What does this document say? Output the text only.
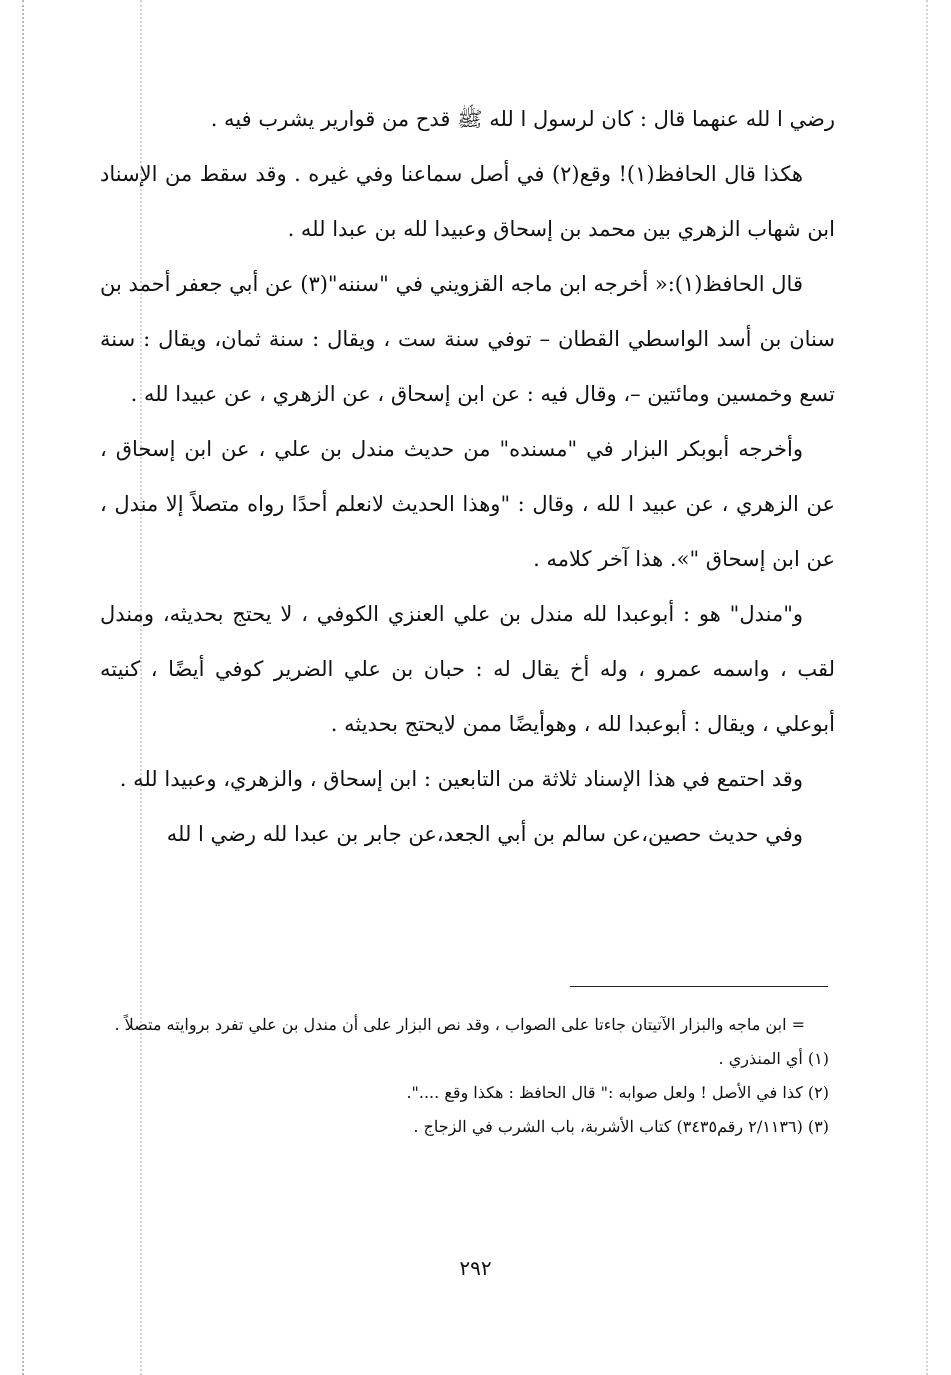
رضي ا لله عنهما قال : كان لرسول ا لله ﷺ قدح من قوارير يشرب فيه .

هكذا قال الحافظ(١)! وقع(٢) في أصل سماعنا وفي غيره . وقد سقط من الإسناد ابن شهاب الزهري بين محمد بن إسحاق وعبيدا لله بن عبدا لله .

قال الحافظ(١):« أخرجه ابن ماجه القزويني في "سننه"(٣) عن أبي جعفر أحمد بن سنان بن أسد الواسطي القطان – توفي سنة ست ، ويقال : سنة ثمان، ويقال : سنة تسع وخمسين ومائتين –، وقال فيه : عن ابن إسحاق ، عن الزهري ، عن عبيدا لله .

وأخرجه أبوبكر البزار في "مسنده" من حديث مندل بن علي ، عن ابن إسحاق ، عن الزهري ، عن عبيد ا لله ، وقال : "وهذا الحديث لانعلم أحدًا رواه متصلاً إلا مندل ، عن ابن إسحاق "». هذا آخر كلامه .

و"مندل" هو : أبوعبدا لله مندل بن علي العنزي الكوفي ، لا يحتج بحديثه، ومندل لقب ، واسمه عمرو ، وله أخ يقال له : حبان بن علي الضرير كوفي أيضًا ، كنيته أبوعلي ، ويقال : أبوعبدا لله ، وهوأيضًا ممن لايحتج بحديثه .

وقد احتمع في هذا الإسناد ثلاثة من التابعين : ابن إسحاق ، والزهري، وعبيدا لله .

وفي حديث حصين،عن سالم بن أبي الجعد،عن جابر بن عبدا لله رضي ا لله

= ابن ماجه والبزار الآتيتان جاءتا على الصواب ، وقد نص البزار على أن مندل بن علي تفرد بروايته متصلاً .

(١) أي المنذري .

(٢) كذا في الأصل ! ولعل صوابه :" قال الحافظ : هكذا وقع ....".

(٣) (٢/١١٣٦ رقم٣٤٣٥) كتاب الأشربة، باب الشرب في الزجاج .

٢٩٢
